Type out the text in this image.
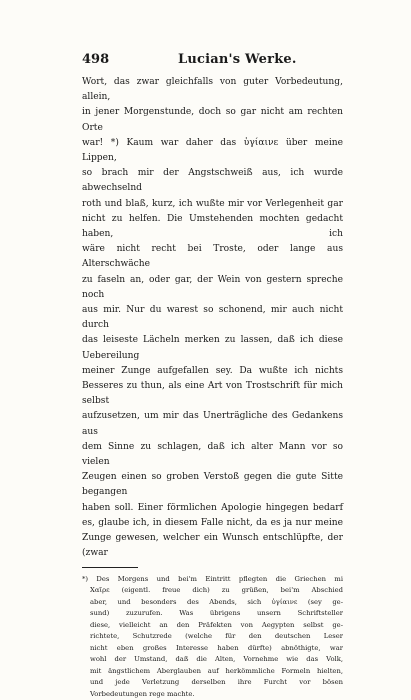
498	Lucian's Werke.

Wort, das zwar gleichfalls von guter Vorbedeutung, allein,

in jener Morgenstunde, doch so gar nicht am rechten Orte

war! *) Kaum war daher das ὑγίαινε über meine Lippen,

so brach mir der Angstschweiß aus, ich wurde abwechselnd

roth und blaß, kurz, ich wußte mir vor Verlegenheit gar

nicht zu helfen. Die Umstehenden mochten gedacht haben, ich

wäre nicht recht bei Troste, oder lange aus Alterschwäche

zu faseln an, oder gar, der Wein von gestern spreche noch

aus mir. Nur du warest so schonend, mir auch nicht durch

das leiseste Lächeln merken zu lassen, daß ich diese Uebereilung

meiner Zunge aufgefallen sey. Da wußte ich nichts

Besseres zu thun, als eine Art von Trostschrift für mich selbst

aufzusetzen, um mir das Unerträgliche des Gedankens aus

dem Sinne zu schlagen, daß ich alter Mann vor so vielen

Zeugen einen so groben Verstoß gegen die gute Sitte begangen

haben soll. Einer förmlichen Apologie hingegen bedarf

es, glaube ich, in diesem Falle nicht, da es ja nur meine

Zunge gewesen, welcher ein Wunsch entschlüpfte, der (zwar

*) Des Morgens und bei'm Eintritt pflegten die Griechen mi

Χαῖρε (eigentl. freue dich) zu grüßen, bei'm Abschied

aber, und besonders des Abends, sich ὑγίαινε (sey ge-

sund) zuzurufen. Was übrigens unsern Schriftsteller

diese, vielleicht an den Präfekten von Aegypten selbst ge-

richtete, Schutzrede (welche für den deutschen Leser

nicht eben großes Interesse haben dürfte) abnöthigte, war

wohl der Umstand, daß die Alten, Vornehme wie das Volk,

mit ängstlichem Aberglauben auf herkömmliche Formeln hielten,

und jede Verletzung derselben ihre Furcht vor bösen

Vorbedeutungen rege machte.
